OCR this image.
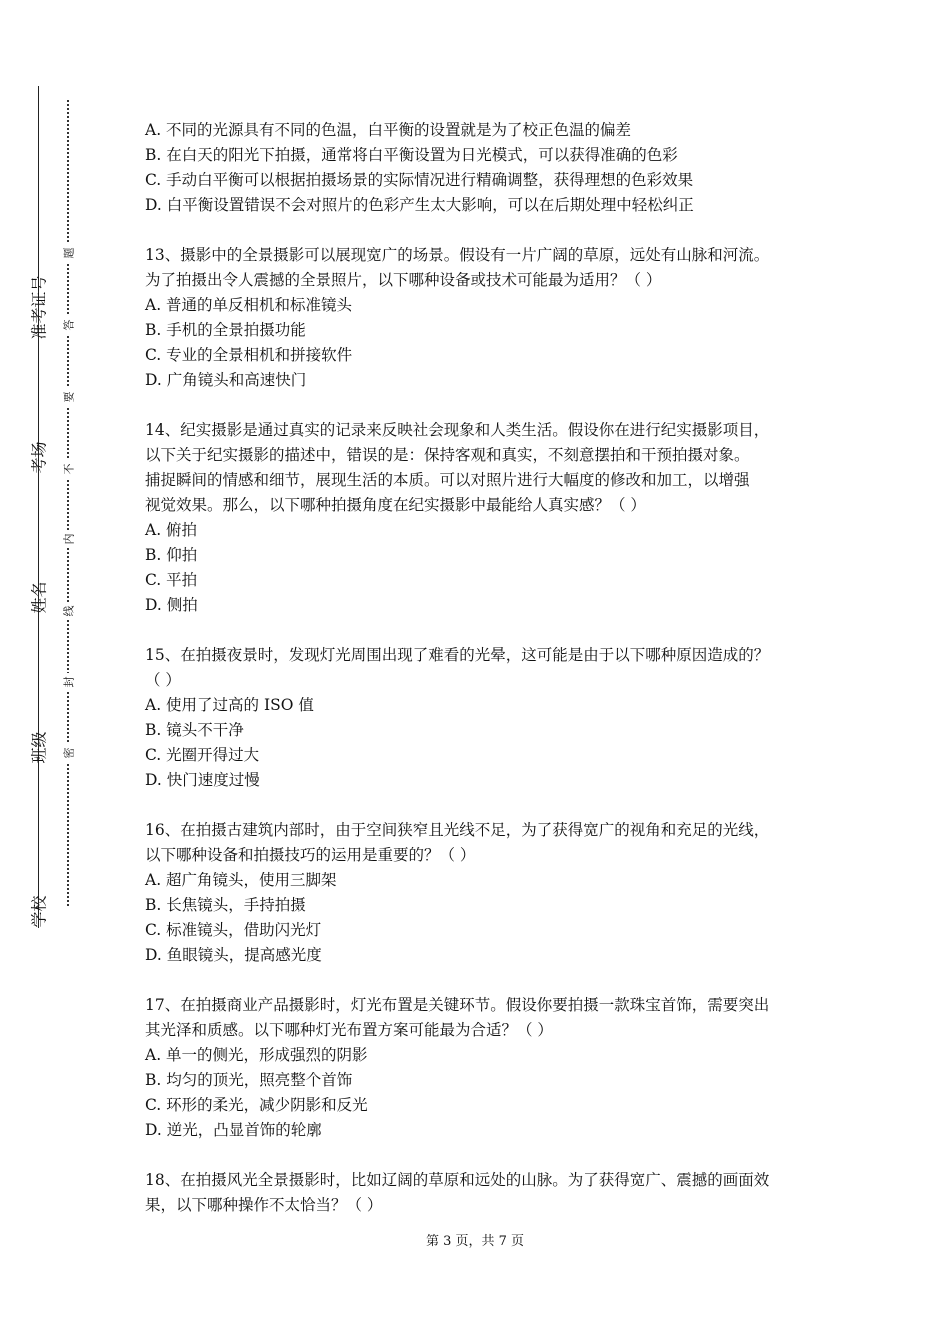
准考证号
考场
姓名
班级
学校
题
答
要
不
内
线
封
密
A. 不同的光源具有不同的色温，白平衡的设置就是为了校正色温的偏差
B. 在白天的阳光下拍摄，通常将白平衡设置为日光模式，可以获得准确的色彩
C. 手动白平衡可以根据拍摄场景的实际情况进行精确调整，获得理想的色彩效果
D. 白平衡设置错误不会对照片的色彩产生太大影响，可以在后期处理中轻松纠正
13、摄影中的全景摄影可以展现宽广的场景。假设有一片广阔的草原，远处有山脉和河流。
为了拍摄出令人震撼的全景照片，以下哪种设备或技术可能最为适用？（ ）
A. 普通的单反相机和标准镜头
B. 手机的全景拍摄功能
C. 专业的全景相机和拼接软件
D. 广角镜头和高速快门
14、纪实摄影是通过真实的记录来反映社会现象和人类生活。假设你在进行纪实摄影项目，
以下关于纪实摄影的描述中，错误的是：保持客观和真实，不刻意摆拍和干预拍摄对象。
捕捉瞬间的情感和细节，展现生活的本质。可以对照片进行大幅度的修改和加工，以增强
视觉效果。那么，以下哪种拍摄角度在纪实摄影中最能给人真实感？（ ）
A. 俯拍
B. 仰拍
C. 平拍
D. 侧拍
15、在拍摄夜景时，发现灯光周围出现了难看的光晕，这可能是由于以下哪种原因造成的？
（ ）
A. 使用了过高的 ISO 值
B. 镜头不干净
C. 光圈开得过大
D. 快门速度过慢
16、在拍摄古建筑内部时，由于空间狭窄且光线不足，为了获得宽广的视角和充足的光线，
以下哪种设备和拍摄技巧的运用是重要的？（ ）
A. 超广角镜头，使用三脚架
B. 长焦镜头，手持拍摄
C. 标准镜头，借助闪光灯
D. 鱼眼镜头，提高感光度
17、在拍摄商业产品摄影时，灯光布置是关键环节。假设你要拍摄一款珠宝首饰，需要突出
其光泽和质感。以下哪种灯光布置方案可能最为合适？（ ）
A. 单一的侧光，形成强烈的阴影
B. 均匀的顶光，照亮整个首饰
C. 环形的柔光，减少阴影和反光
D. 逆光，凸显首饰的轮廓
18、在拍摄风光全景摄影时，比如辽阔的草原和远处的山脉。为了获得宽广、震撼的画面效
果，以下哪种操作不太恰当？（ ）
第 3 页，共 7 页
